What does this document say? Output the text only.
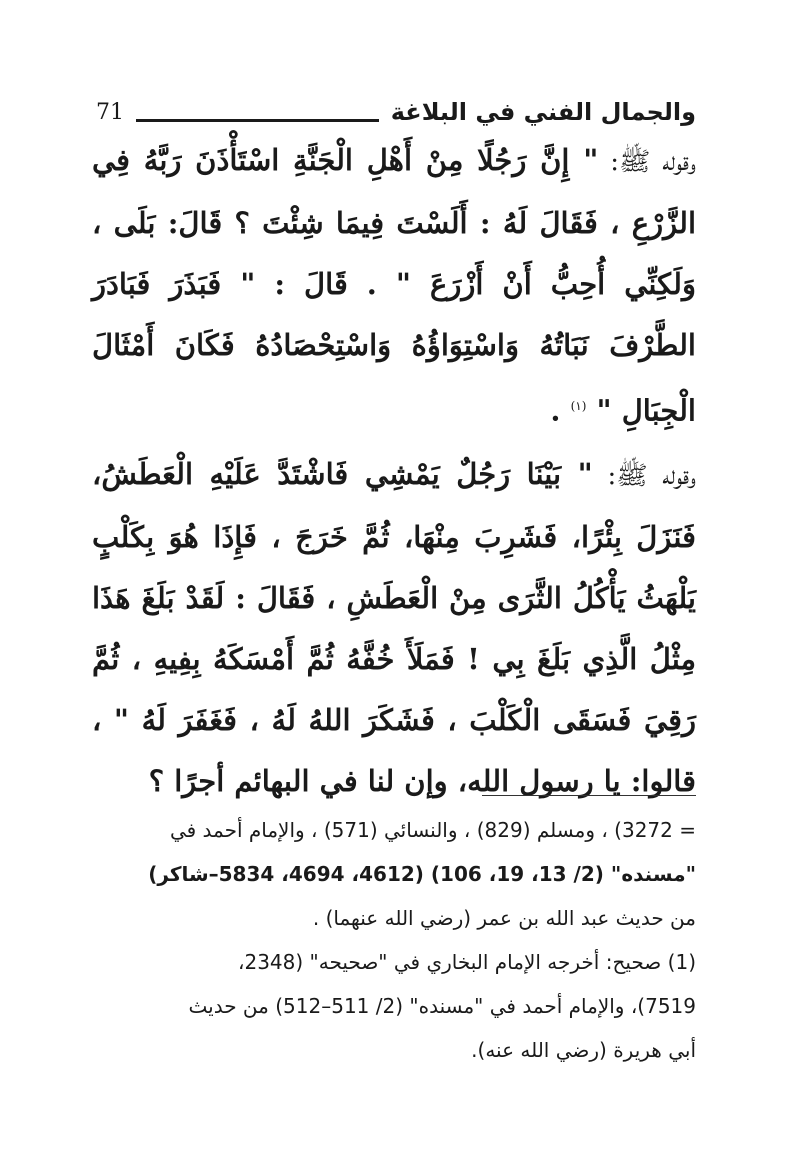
والجمال الفني في البلاغة
71

وقوله ﷺ: " إِنَّ رَجُلًا مِنْ أَهْلِ الْجَنَّةِ اسْتَأْذَنَ رَبَّهُ فِي الزَّرْعِ ، فَقَالَ لَهُ : أَلَسْتَ فِيمَا شِئْتَ ؟ قَالَ: بَلَى ، وَلَكِنِّي أُحِبُّ أَنْ أَزْرَعَ " . قَالَ : " فَبَذَرَ فَبَادَرَ الطَّرْفَ نَبَاتُهُ وَاسْتِوَاؤُهُ وَاسْتِحْصَادُهُ فَكَانَ أَمْثَالَ الْجِبَالِ " $^{(١)}$ .

وقوله ﷺ: " بَيْنَا رَجُلٌ يَمْشِي فَاشْتَدَّ عَلَيْهِ الْعَطَشُ، فَنَزَلَ بِئْرًا، فَشَرِبَ مِنْهَا، ثُمَّ خَرَجَ ، فَإِذَا هُوَ بِكَلْبٍ يَلْهَثُ يَأْكُلُ الثَّرَى مِنْ الْعَطَشِ ، فَقَالَ : لَقَدْ بَلَغَ هَذَا مِثْلُ الَّذِي بَلَغَ بِي ! فَمَلَأَ خُفَّهُ ثُمَّ أَمْسَكَهُ بِفِيهِ ، ثُمَّ رَقِيَ فَسَقَى الْكَلْبَ ، فَشَكَرَ اللهُ لَهُ ، فَغَفَرَ لَهُ " ، قالوا: يا رسول الله، وإن لنا في البهائم أجرًا ؟

= 3272) ، ومسلم (829) ، والنسائي (571) ، والإمام أحمد في

"مسنده" (2/ 13، 19، 106) (4612، 4694، 5834–شاكر)

من حديث عبد الله بن عمر (رضي الله عنهما) .

(1) صحيح: أخرجه الإمام البخاري في "صحيحه" (2348،

7519)، والإمام أحمد في "مسنده" (2/ 511–512) من حديث

أبي هريرة (رضي الله عنه).
